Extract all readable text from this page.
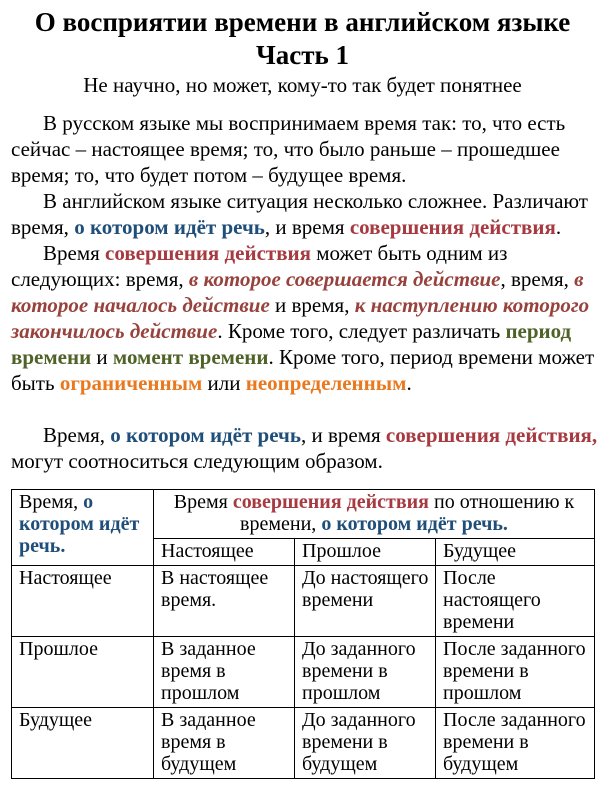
О восприятии времени в английском языке
Часть 1
Не научно, но может, кому-то так будет понятнее
В русском языке мы воспринимаем время так: то, что есть
сейчас – настоящее время; то, что было раньше – прошедшее
время; то, что будет потом – будущее время.
В английском языке ситуация несколько сложнее. Различают
время, о котором идёт речь, и время совершения действия.
Время совершения действия может быть одним из
следующих: время, в которое совершается действие, время, в
которое началось действие и время, к наступлению которого
закончилось действие. Кроме того, следует различать период
времени и момент времени. Кроме того, период времени может
быть ограниченным или неопределенным.
Время, о котором идёт речь, и время совершения действия,
могут соотноситься следующим образом.
Время, о котором идёт речь.	Время совершения действия по отношению к времени, о котором идёт речь.		
	Настоящее	Прошлое	Будущее
Настоящее	В настоящее время.	До настоящего времени	После настоящего времени
Прошлое	В заданное время в прошлом	До заданного времени в прошлом	После заданного времени в прошлом
Будущее	В заданное время в будущем	До заданного времени в будущем	После заданного времени в будущем
